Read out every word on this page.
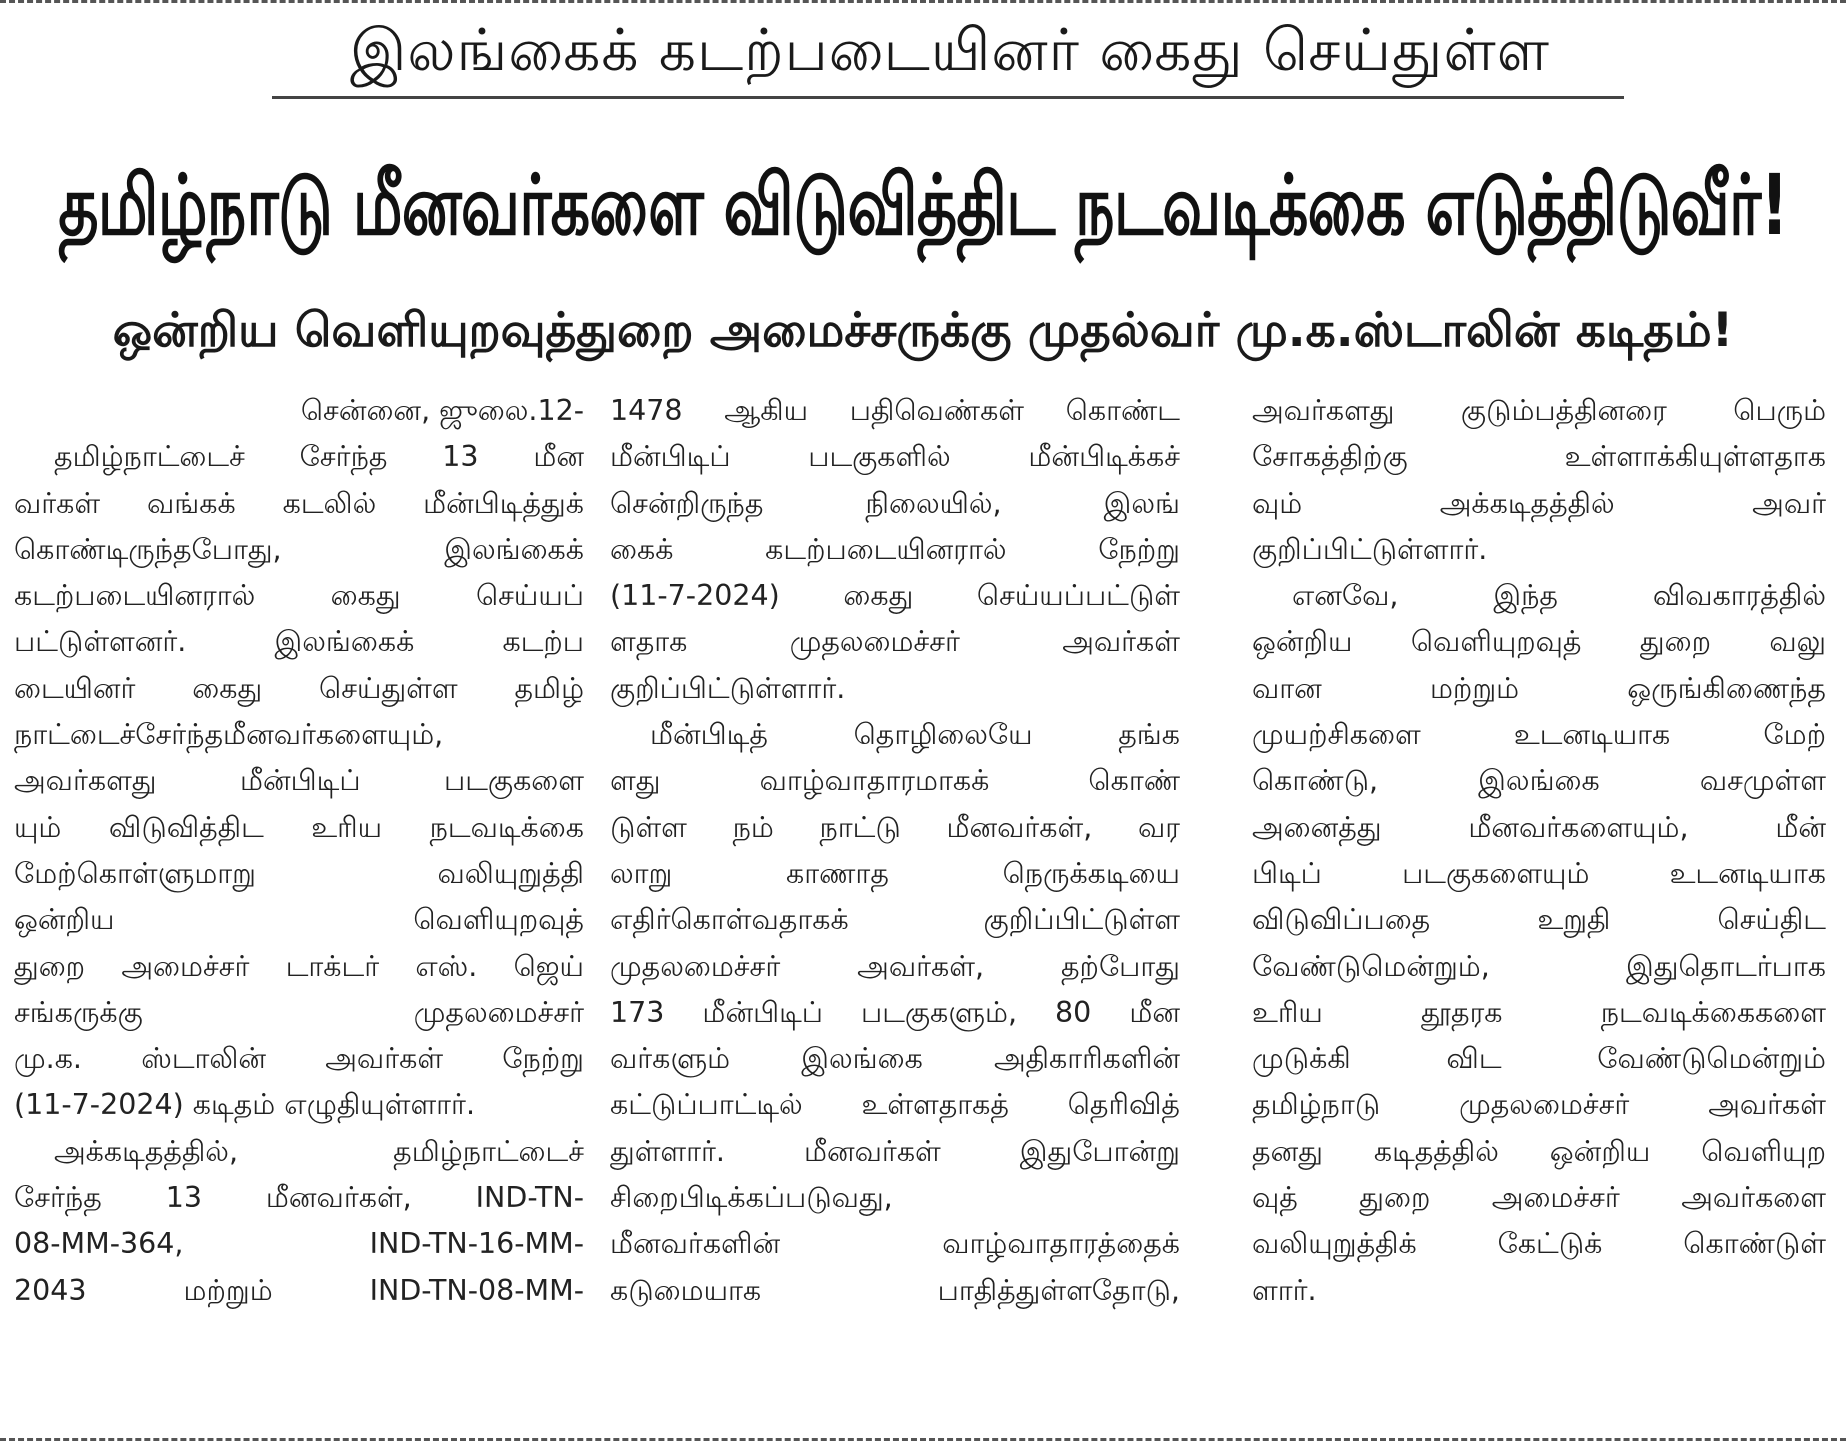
இலங்கைக் கடற்படையினர் கைது செய்துள்ள
தமிழ்நாடு மீனவர்களை விடுவித்திட நடவடிக்கை எடுத்திடுவீர்!
ஒன்றிய வெளியுறவுத்துறை அமைச்சருக்கு முதல்வர் மு.க.ஸ்டாலின் கடிதம்!
சென்னை, ஜுலை.12-
தமிழ்நாட்டைச் சேர்ந்த 13 மீன
வர்கள் வங்கக் கடலில் மீன்பிடித்துக்
கொண்டிருந்தபோது, இலங்கைக்
கடற்படையினரால் கைது செய்யப்
பட்டுள்ளனர். இலங்கைக் கடற்ப
டையினர் கைது செய்துள்ள தமிழ்
நாட்டைச்சேர்ந்தமீனவர்களையும்,
அவர்களது மீன்பிடிப் படகுகளை
யும் விடுவித்திட உரிய நடவடிக்கை
மேற்கொள்ளுமாறு வலியுறுத்தி
ஒன்றிய வெளியுறவுத்
துறை அமைச்சர் டாக்டர் எஸ். ஜெய்
சங்கருக்கு முதலமைச்சர்
மு.க. ஸ்டாலின் அவர்கள் நேற்று
(11-7-2024) கடிதம் எழுதியுள்ளார்.
அக்கடிதத்தில், தமிழ்நாட்டைச்
சேர்ந்த 13 மீனவர்கள், IND-TN-
08-MM-364, IND-TN-16-MM-
2043 மற்றும் IND-TN-08-MM-
1478 ஆகிய பதிவெண்கள் கொண்ட
மீன்பிடிப் படகுகளில் மீன்பிடிக்கச்
சென்றிருந்த நிலையில், இலங்
கைக் கடற்படையினரால் நேற்று
(11-7-2024) கைது செய்யப்பட்டுள்
ளதாக முதலமைச்சர் அவர்கள்
குறிப்பிட்டுள்ளார்.
மீன்பிடித் தொழிலையே தங்க
ளது வாழ்வாதாரமாகக் கொண்
டுள்ள நம் நாட்டு மீனவர்கள், வர
லாறு காணாத நெருக்கடியை
எதிர்கொள்வதாகக் குறிப்பிட்டுள்ள
முதலமைச்சர் அவர்கள், தற்போது
173 மீன்பிடிப் படகுகளும், 80 மீன
வர்களும் இலங்கை அதிகாரிகளின்
கட்டுப்பாட்டில் உள்ளதாகத் தெரிவித்
துள்ளார். மீனவர்கள் இதுபோன்று
சிறைபிடிக்கப்படுவது,
மீனவர்களின் வாழ்வாதாரத்தைக்
கடுமையாக பாதித்துள்ளதோடு,
அவர்களது குடும்பத்தினரை பெரும்
சோகத்திற்கு உள்ளாக்கியுள்ளதாக
வும் அக்கடிதத்தில் அவர்
குறிப்பிட்டுள்ளார்.
எனவே, இந்த விவகாரத்தில்
ஒன்றிய வெளியுறவுத் துறை வலு
வான மற்றும் ஒருங்கிணைந்த
முயற்சிகளை உடனடியாக மேற்
கொண்டு, இலங்கை வசமுள்ள
அனைத்து மீனவர்களையும், மீன்
பிடிப் படகுகளையும் உடனடியாக
விடுவிப்பதை உறுதி செய்திட
வேண்டுமென்றும், இதுதொடர்பாக
உரிய தூதரக நடவடிக்கைகளை
முடுக்கி விட வேண்டுமென்றும்
தமிழ்நாடு முதலமைச்சர் அவர்கள்
தனது கடிதத்தில் ஒன்றிய வெளியுற
வுத் துறை அமைச்சர் அவர்களை
வலியுறுத்திக் கேட்டுக் கொண்டுள்
ளார்.
